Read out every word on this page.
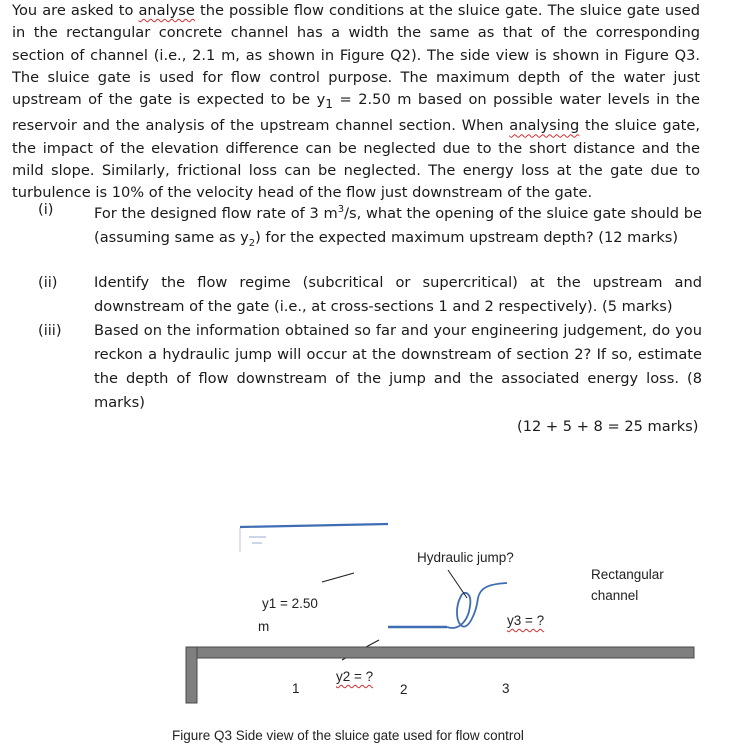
You are asked to analyse the possible flow conditions at the sluice gate. The sluice gate used in the rectangular concrete channel has a width the same as that of the corresponding section of channel (i.e., 2.1 m, as shown in Figure Q2). The side view is shown in Figure Q3. The sluice gate is used for flow control purpose. The maximum depth of the water just upstream of the gate is expected to be $y_1 = 2.50$ m based on possible water levels in the reservoir and the analysis of the upstream channel section. When analysing the sluice gate, the impact of the elevation difference can be neglected due to the short distance and the mild slope. Similarly, frictional loss can be neglected. The energy loss at the gate due to turbulence is 10% of the velocity head of the flow just downstream of the gate.

(i)	For the designed flow rate of 3 $m^3/s$, what the opening of the sluice gate should be (assuming same as $y_2$) for the expected maximum upstream depth? (12 marks)
(ii)	Identify the flow regime (subcritical or supercritical) at the upstream and downstream of the gate (i.e., at cross-sections 1 and 2 respectively). (5 marks)
(iii) Based on the information obtained so far and your engineering judgement, do you reckon a hydraulic jump will occur at the downstream of section 2? If so, estimate the depth of flow downstream of the jump and the associated energy loss. (8 marks)
(12 + 5 + 8 = 25 marks)
Hydraulic jump?
Rectangular
channel
y1 = 2.50
m	y3 = ?
y2 = ?
1	2	3
Figure Q3 Side view of the sluice gate used for flow control
